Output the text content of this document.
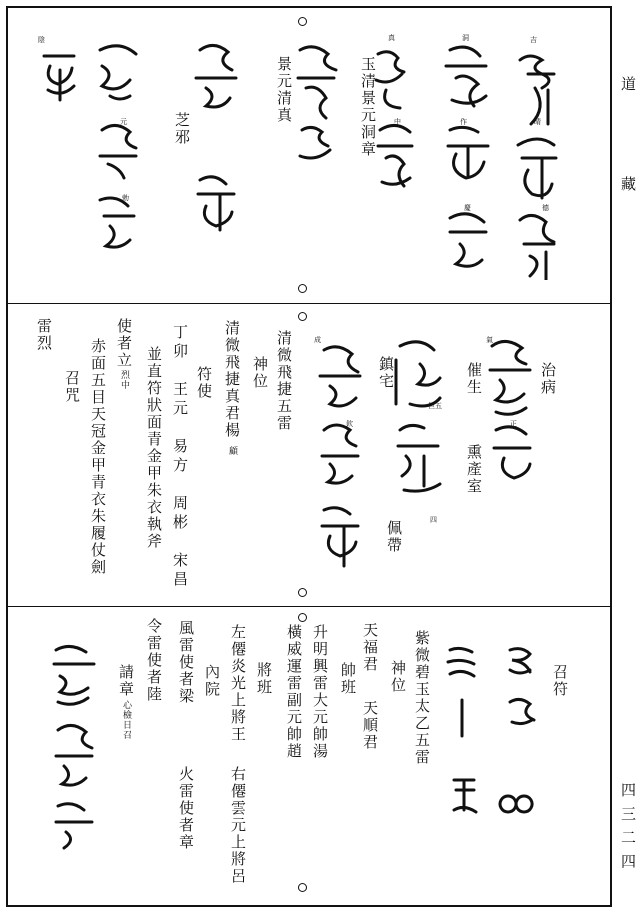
道 藏
四 三 二 四
景元清真	玉清景元洞章
芝邪
吉
洞
真
作	晴
慶
中
德
元
勅
陰
治病
催生
鎮宅
佩帶
熏產室
氣
正
四
成
欽
巨五
清微飛捷五雷
神位
清微飛捷真君楊
顧
符使
丁卯　王元　易方　周彬　宋昌
並直符狀面青金甲朱衣執斧
使者立
烈中
赤面五目天冠金甲青衣朱履仗劍
召咒
雷烈
召符
紫微碧玉太乙五雷
神位
天福君
天順君
帥班
升明興雷大元帥湯
橫威運雷副元帥趙
將班
左僊炎光上將王
右僊雲元上將呂
內院
風雷使者梁
火雷使者章
令雷使者陸
請章
心檢日召
